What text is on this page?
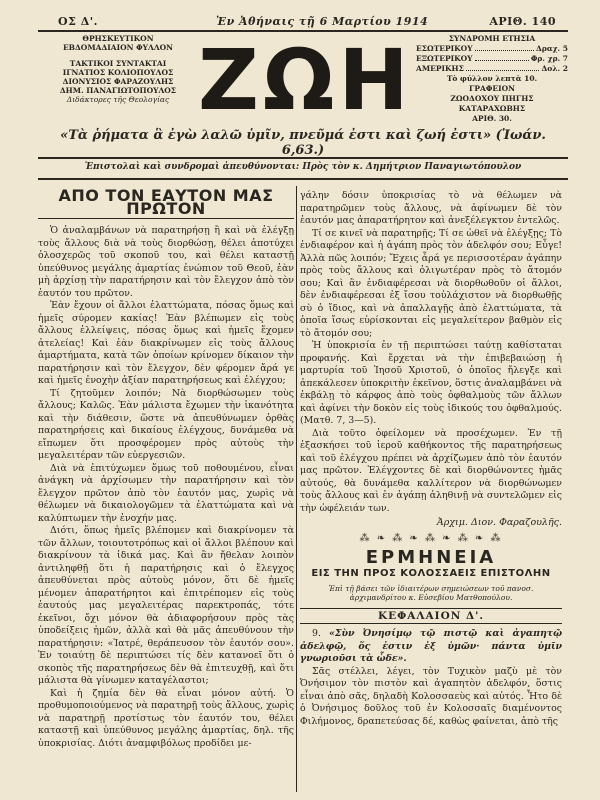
ΟΣ Δ'.	Ἐν Ἀθήναις τῇ 6 Μαρτίου 1914	ΑΡΙΘ. 140
ΘΡΗΣΚΕΥΤΙΚΟΝ
ΕΒΔΟΜΑΔΙΑΙΟΝ ΦΥΛΛΟΝ
ΤΑΚΤΙΚΟΙ ΣΥΝΤΑΚΤΑΙ
ΙΓΝΑΤΙΟΣ ΚΟΛΙΟΠΟΥΛΟΣ
ΔΙΟΝΥΣΙΟΣ ΦΑΡΑΖΟΥΛΗΣ
ΔΗΜ. ΠΑΝΑΓΙΩΤΟΠΟΥΛΟΣ
Διδάκτορες τῆς Θεολογίας ΖΩΗ	ΣΥΝΔΡΟΜΗ ΕΤΗΣΙΑ
ΕΣΩΤΕΡΙΚΟΥ	Δραχ. 5
ΕΞΩΤΕΡΙΚΟΥ	Φρ. χρ. 7
ΑΜΕΡΙΚΗΣ	Δολ. 2
Τὸ φύλλον λεπτὰ 10.
ΓΡΑΦΕΙΟΝ
ΖΩΟΔΟΧΟΥ ΠΗΓΗΣ ΚΑΤΑΡΑΧΩΒΗΣ
ΑΡΙΘ. 30.
«Τὰ ῥήματα ἃ ἐγὼ λαλῶ ὑμῖν, πνεῦμά ἐστι καὶ ζωή ἐστι» (Ἰωάν. 6,63.)
Ἐπιστολαὶ καὶ συνδρομαὶ ἀπευθύνονται: Πρὸς τὸν κ. Δημήτριον Παναγιωτόπουλον
ΑΠΟ ΤΟΝ ΕΑΥΤΟΝ ΜΑΣ ΠΡΩΤΟΝ

Ὁ ἀναλαμβάνων νὰ παρατηρήσῃ ἢ καὶ νὰ ἐλέγξῃ τοὺς ἄλλους διὰ νὰ τοὺς διορθώσῃ, θέλει ἀποτύχει ὁλοσχερῶς τοῦ σκοποῦ του, καὶ θέλει καταστῇ ὑπεύθυνος μεγάλης ἁμαρτίας ἐνώπιον τοῦ Θεοῦ, ἐὰν μὴ ἀρχίσῃ τὴν παρατήρησιν καὶ τὸν ἔλεγχον ἀπὸ τὸν ἑαυτόν του πρῶτον.

Ἐὰν ἔχουν οἱ ἄλλοι ἐλαττώματα, πόσας ὅμως καὶ ἡμεῖς σύρομεν κακίας! Ἐὰν βλέπωμεν εἰς τοὺς ἄλλους ἐλλείψεις, πόσας ὅμως καὶ ἡμεῖς ἔχομεν ἀτελείας! Καὶ ἐὰν διακρίνωμεν εἰς τοὺς ἄλλους ἁμαρτήματα, κατὰ τῶν ὁποίων κρίνομεν δίκαιον τὴν παρατήρησιν καὶ τὸν ἔλεγχον, δὲν φέρομεν ἄρά γε καὶ ἡμεῖς ἐνοχὴν ἀξίαν παρατηρήσεως καὶ ἐλέγχου;

Τί ζητοῦμεν λοιπόν; Νὰ διορθώσωμεν τοὺς ἄλλους; Καλῶς. Ἐὰν μάλιστα ἔχωμεν τὴν ἱκανότητα καὶ τὴν διάθεσιν, ὥστε νὰ ἀπευθύνωμεν ὀρθὰς παρατηρήσεις καὶ δικαίους ἐλέγχους, δυνάμεθα νὰ εἴπωμεν ὅτι προσφέρομεν πρὸς αὐτοὺς τὴν μεγαλειτέραν τῶν εὐεργεσιῶν.

Διὰ νὰ ἐπιτύχωμεν ὅμως τοῦ ποθουμένου, εἶναι ἀνάγκη νὰ ἀρχίσωμεν τὴν παρατήρησιν καὶ τὸν ἔλεγχον πρῶτον ἀπὸ τὸν ἑαυτόν μας, χωρὶς νὰ θέλωμεν νὰ δικαιολογῶμεν τὰ ἐλαττώματα καὶ νὰ καλύπτωμεν τὴν ἐνοχήν μας.

Διότι, ὅπως ἡμεῖς βλέπομεν καὶ διακρίνομεν τὰ τῶν ἄλλων, τοιουτοτρόπως καὶ οἱ ἄλλοι βλέπουν καὶ διακρίνουν τὰ ἰδικά μας. Καὶ ἂν ἤθελαν λοιπὸν ἀντιληφθῇ ὅτι ἡ παρατήρησις καὶ ὁ ἔλεγχος ἀπευθύνεται πρὸς αὐτοὺς μόνον, ὅτι δὲ ἡμεῖς μένομεν ἀπαρατήρητοι καὶ ἐπιτρέπομεν εἰς τοὺς ἑαυτούς μας μεγαλειτέρας παρεκτροπάς, τότε ἐκεῖνοι, ὄχι μόνον θὰ ἀδιαφορήσουν πρὸς τὰς ὑποδείξεις ἡμῶν, ἀλλὰ καὶ θὰ μᾶς ἀπευθύνουν τὴν παρατήρησιν: «Ἰατρέ, θεράπευσον τὸν ἑαυτόν σου». Ἐν τοιαύτῃ δὲ περιπτώσει τίς δὲν κατανοεῖ ὅτι ὁ σκοπὸς τῆς παρατηρήσεως δὲν θὰ ἐπιτευχθῇ, καὶ ὅτι μάλιστα θὰ γίνωμεν καταγέλαστοι;

Καὶ ἡ ζημία δὲν θὰ εἶναι μόνον αὐτή. Ὁ προθυμοποιούμενος νὰ παρατηρῇ τοὺς ἄλλους, χωρὶς νὰ παρατηρῇ προτίστως τὸν ἑαυτόν του, θέλει καταστῇ καὶ ὑπεύθυνος μεγάλης ἁμαρτίας, δηλ. τῆς ὑποκρισίας. Διότι ἀναμφιβόλως προδίδει με-

γάλην δόσιν ὑποκρισίας τὸ νὰ θέλωμεν νὰ παρατηρῶμεν τοὺς ἄλλους, νὰ ἀφίνωμεν δὲ τὸν ἑαυτόν μας ἀπαρατήρητον καὶ ἀνεξέλεγκτον ἐντελῶς.

Τί σε κινεῖ νὰ παρατηρῇς; Τί σε ὠθεῖ νὰ ἐλέγξῃς; Τὸ ἐνδιαφέρον καὶ ἡ ἀγάπη πρὸς τὸν ἀδελφόν σου; Εὖγε! Ἀλλὰ πῶς λοιπόν; Ἔχεις ἆρά γε περισσοτέραν ἀγάπην πρὸς τοὺς ἄλλους καὶ ὀλιγωτέραν πρὸς τὸ ἄτομόν σου; Καὶ ἂν ἐνδιαφέρεσαι νὰ διορθωθοῦν οἱ ἄλλοι, δὲν ἐνδιαφέρεσαι ἐξ ἴσου τοὐλάχιστον νὰ διορθωθῇς σὺ ὁ ἴδιος, καὶ νὰ ἀπαλλαγῇς ἀπὸ ἐλαττώματα, τὰ ὁποῖα ἴσως εὑρίσκονται εἰς μεγαλείτερον βαθμὸν εἰς τὸ ἄτομόν σου;

Ἡ ὑποκρισία ἐν τῇ περιπτώσει ταύτῃ καθίσταται προφανής. Καὶ ἔρχεται νὰ τὴν ἐπιβεβαιώσῃ ἡ μαρτυρία τοῦ Ἰησοῦ Χριστοῦ, ὁ ὁποῖος ἤλεγξε καὶ ἀπεκάλεσεν ὑποκριτὴν ἐκεῖνον, ὅστις ἀναλαμβάνει νὰ ἐκβάλῃ τὸ κάρφος ἀπὸ τοὺς ὀφθαλμοὺς τῶν ἄλλων καὶ ἀφίνει τὴν δοκὸν εἰς τοὺς ἰδικούς του ὀφθαλμούς. (Ματθ. 7, 3—5).

Διὰ τοῦτο ὀφείλομεν νὰ προσέχωμεν. Ἐν τῇ ἐξασκήσει τοῦ ἱεροῦ καθήκοντος τῆς παρατηρήσεως καὶ τοῦ ἐλέγχου πρέπει νὰ ἀρχίζωμεν ἀπὸ τὸν ἑαυτόν μας πρῶτον. Ἐλέγχοντες δὲ καὶ διορθώνοντες ἡμᾶς αὐτούς, θὰ δυνάμεθα καλλίτερον νὰ διορθώνωμεν τοὺς ἄλλους καὶ ἐν ἀγάπῃ ἀληθινῇ νὰ συντελῶμεν εἰς τὴν ὠφέλειάν των.

Ἀρχιμ. Διον. Φαραζουλῆς.
⁂ ❧ ⁂ ❧ ⁂ ❧ ⁂ ❧ ⁂
ΕΡΜΗΝΕΙΑ
ΕΙΣ ΤΗΝ ΠΡΟΣ ΚΟΛΟΣΣΑΕΙΣ ΕΠΙΣΤΟΛΗΝ
Ἐπὶ τῇ βάσει τῶν ἰδιαιτέρων σημειώσεων τοῦ πανοσ. ἀρχιμανδρίτου κ. Εὐσεβίου Ματθοπούλου.
ΚΕΦΑΛΑΙΟΝ Δ'.

9. «Σὺν Ὀνησίμῳ τῷ πιστῷ καὶ ἀγαπητῷ ἀδελφῷ, ὅς ἐστιν ἐξ ὑμῶν· πάντα ὑμῖν γνωριοῦσι τὰ ὧδε».

Σᾶς στέλλει, λέγει, τὸν Τυχικὸν μαζὺ μὲ τὸν Ὀνήσιμον τὸν πιστὸν καὶ ἀγαπητὸν ἀδελφόν, ὅστις εἶναι ἀπὸ σᾶς, δηλαδὴ Κολοσσαεὺς καὶ αὐτός. Ἦτο δὲ ὁ Ὀνήσιμος δοῦλος τοῦ ἐν Κολοσσαῖς διαμένοντος Φιλήμονος, δραπετεύσας δέ, καθὼς φαίνεται, ἀπὸ τῆς
